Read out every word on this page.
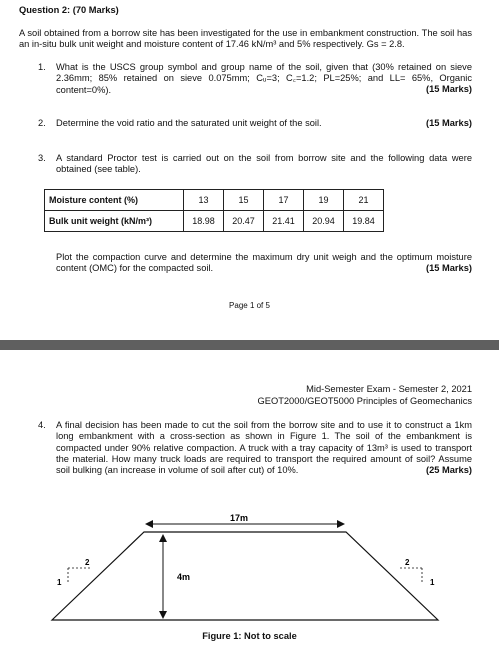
Question 2: (70 Marks)
A soil obtained from a borrow site has been investigated for the use in embankment construction. The soil has an in-situ bulk unit weight and moisture content of 17.46 kN/m³ and 5% respectively. Gs = 2.8.
1. What is the USCS group symbol and group name of the soil, given that (30% retained on sieve 2.36mm; 85% retained on sieve 0.075mm; Cᵤ=3; C꜀=1.2; PL=25%; and LL= 65%, Organic content=0%).	(15 Marks)
2. Determine the void ratio and the saturated unit weight of the soil.	(15 Marks)
3. A standard Proctor test is carried out on the soil from borrow site and the following data were obtained (see table).
Moisture content (%)	13	15	17	19	21
Bulk unit weight (kN/m³)	18.98	20.47	21.41	20.94	19.84
Plot the compaction curve and determine the maximum dry unit weigh and the optimum moisture content (OMC) for the compacted soil.	(15 Marks)
Page 1 of 5
Mid-Semester Exam - Semester 2, 2021
GEOT2000/GEOT5000 Principles of Geomechanics
4. A final decision has been made to cut the soil from the borrow site and to use it to construct a 1km long embankment with a cross-section as shown in Figure 1. The soil of the embankment is compacted under 90% relative compaction. A truck with a tray capacity of 13m³ is used to transport the material. How many truck loads are required to transport the required amount of soil? Assume soil bulking (an increase in volume of soil after cut) of 10%.	(25 Marks)
17m
4m
2
1
2
1
Figure 1: Not to scale
